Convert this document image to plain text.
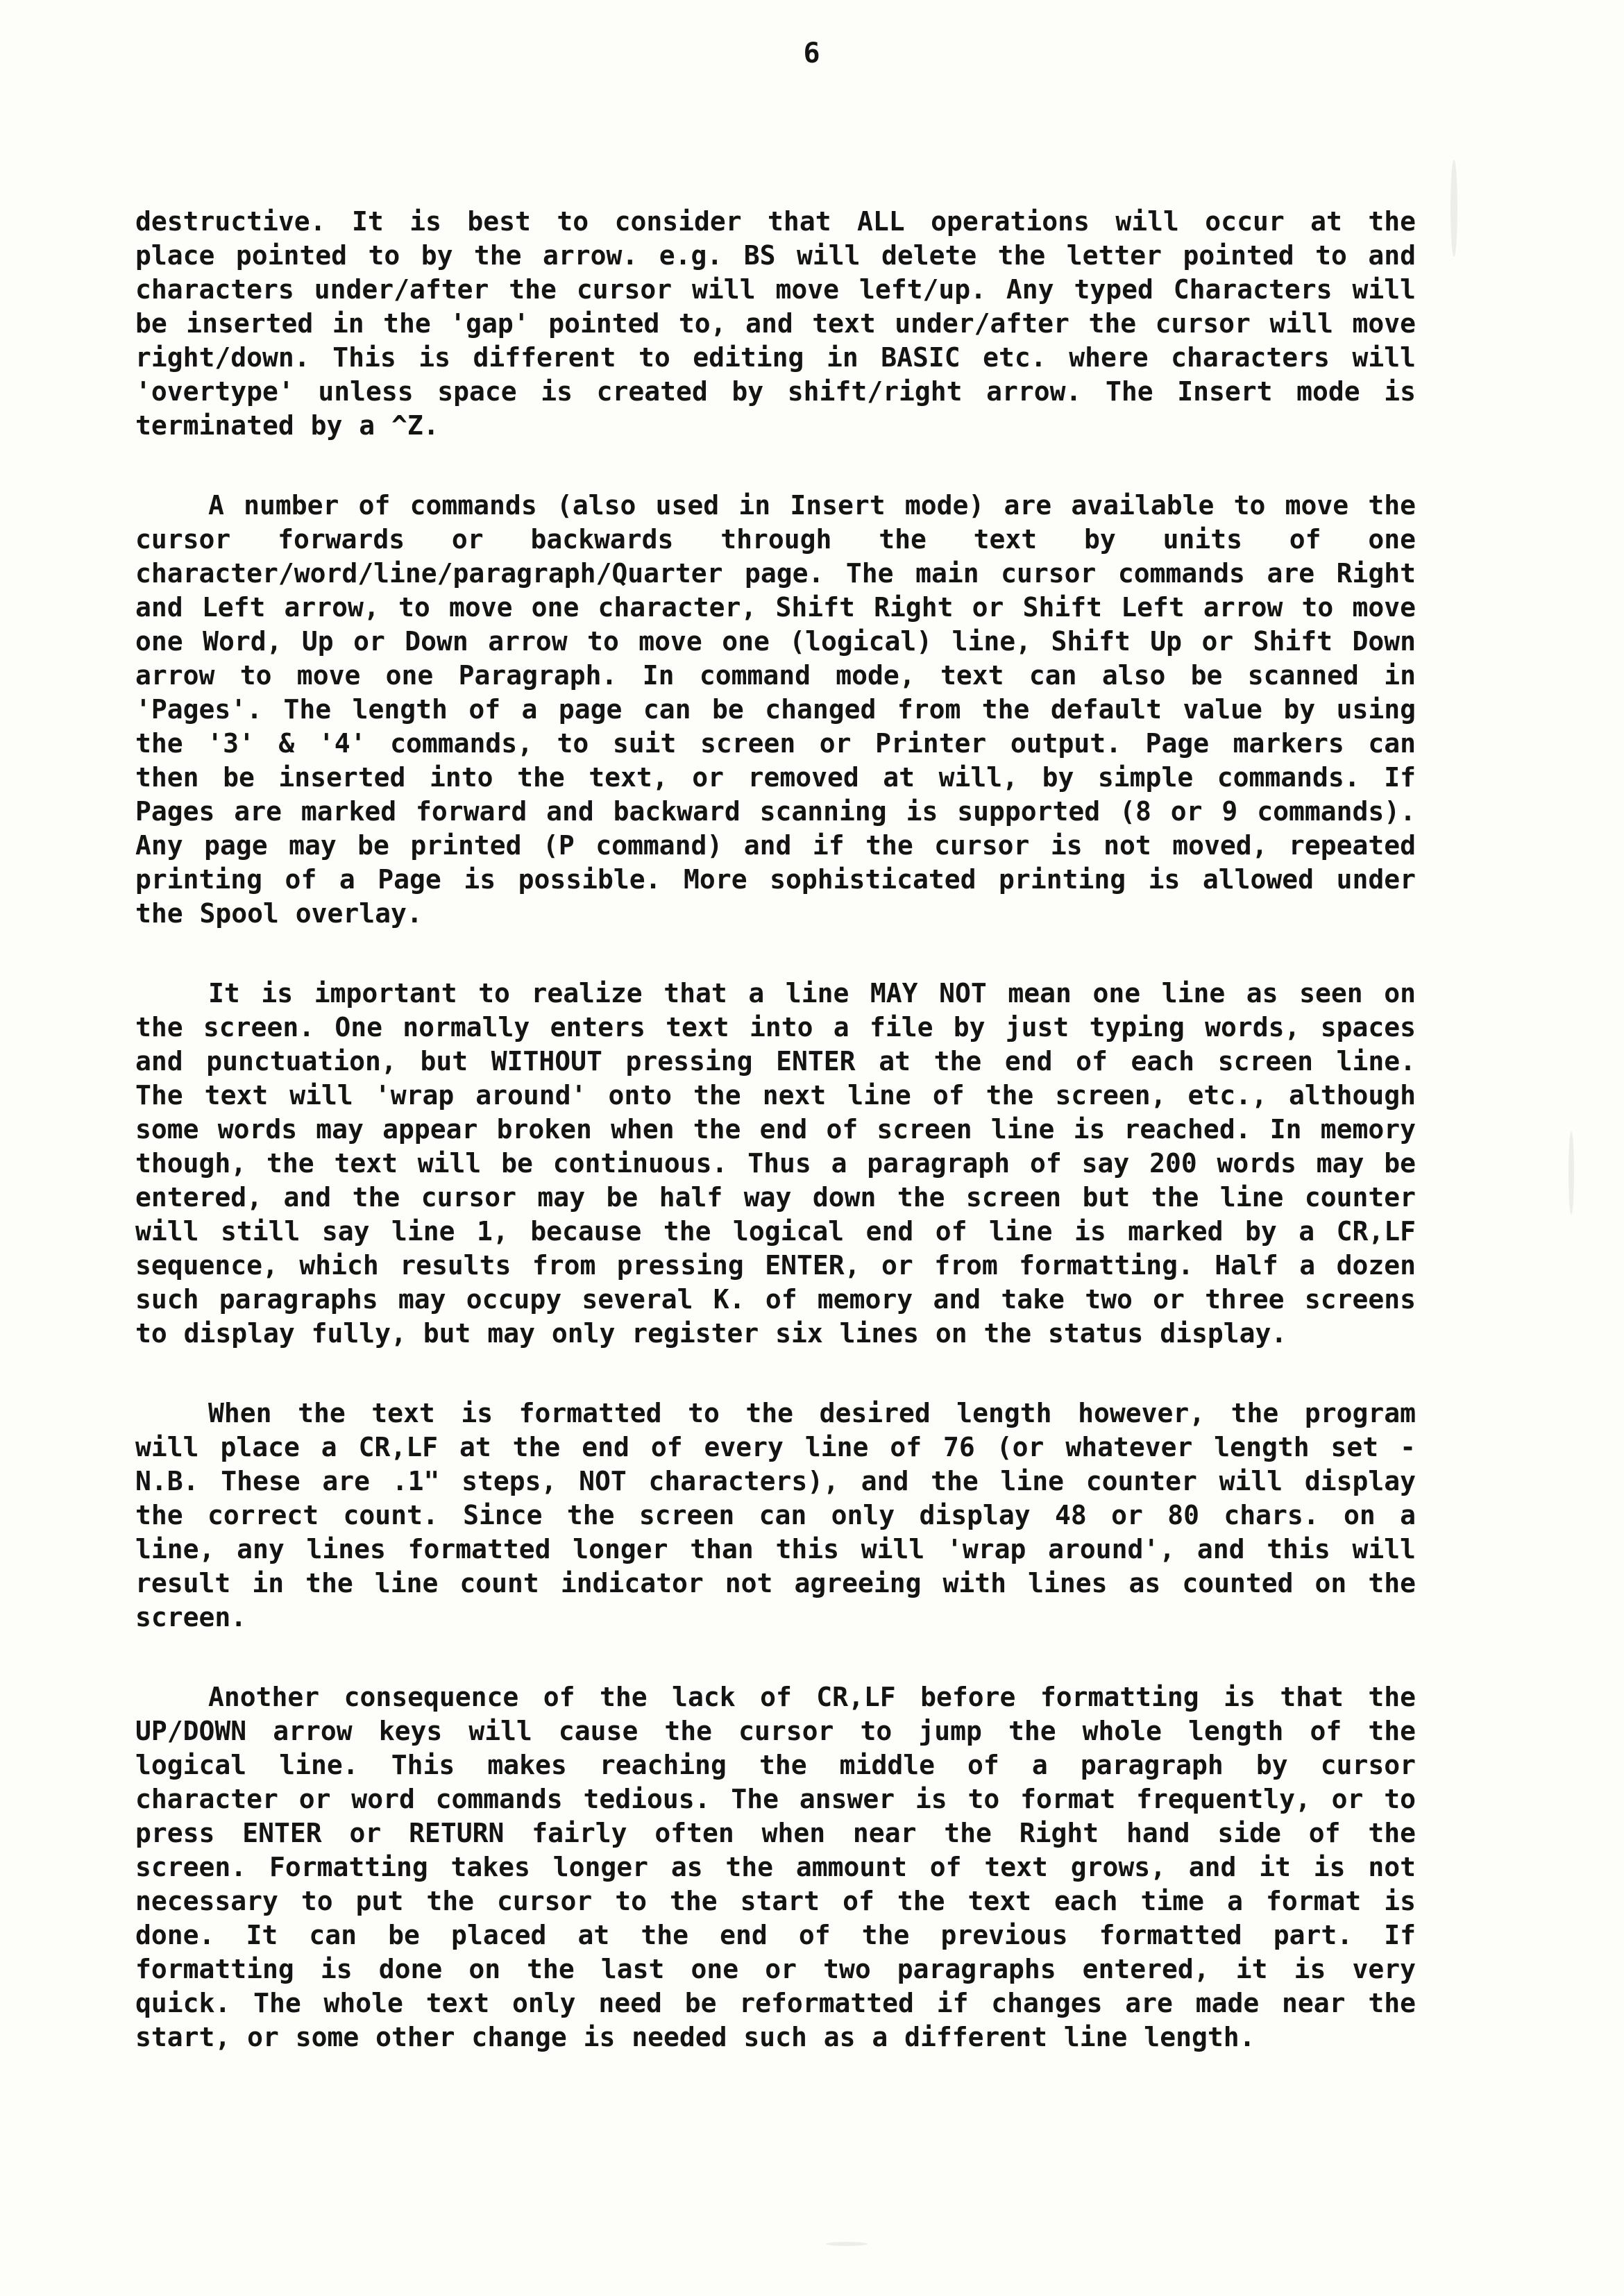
6
destructive. It is best to consider that ALL operations will occur at the
place pointed to by the arrow. e.g. BS will delete the letter pointed to and
characters under/after the cursor will move left/up. Any typed Characters will
be inserted in the 'gap' pointed to, and text under/after the cursor will move
right/down. This is different to editing in BASIC etc. where characters will
'overtype' unless space is created by shift/right arrow. The Insert mode is
terminated by a ^Z.
A number of commands (also used in Insert mode) are available to move the
cursor forwards or backwards through the text by units of one
character/word/line/paragraph/Quarter page. The main cursor commands are Right
and Left arrow, to move one character, Shift Right or Shift Left arrow to move
one Word, Up or Down arrow to move one (logical) line, Shift Up or Shift Down
arrow to move one Paragraph. In command mode, text can also be scanned in
'Pages'. The length of a page can be changed from the default value by using
the '3' & '4' commands, to suit screen or Printer output. Page markers can
then be inserted into the text, or removed at will, by simple commands. If
Pages are marked forward and backward scanning is supported (8 or 9 commands).
Any page may be printed (P command) and if the cursor is not moved, repeated
printing of a Page is possible. More sophisticated printing is allowed under
the Spool overlay.
It is important to realize that a line MAY NOT mean one line as seen on
the screen. One normally enters text into a file by just typing words, spaces
and punctuation, but WITHOUT pressing ENTER at the end of each screen line.
The text will 'wrap around' onto the next line of the screen, etc., although
some words may appear broken when the end of screen line is reached. In memory
though, the text will be continuous. Thus a paragraph of say 200 words may be
entered, and the cursor may be half way down the screen but the line counter
will still say line 1, because the logical end of line is marked by a CR,LF
sequence, which results from pressing ENTER, or from formatting. Half a dozen
such paragraphs may occupy several K. of memory and take two or three screens
to display fully, but may only register six lines on the status display.
When the text is formatted to the desired length however, the program
will place a CR,LF at the end of every line of 76 (or whatever length set -
N.B. These are .1" steps, NOT characters), and the line counter will display
the correct count. Since the screen can only display 48 or 80 chars. on a
line, any lines formatted longer than this will 'wrap around', and this will
result in the line count indicator not agreeing with lines as counted on the
screen.
Another consequence of the lack of CR,LF before formatting is that the
UP/DOWN arrow keys will cause the cursor to jump the whole length of the
logical line. This makes reaching the middle of a paragraph by cursor
character or word commands tedious. The answer is to format frequently, or to
press ENTER or RETURN fairly often when near the Right hand side of the
screen. Formatting takes longer as the ammount of text grows, and it is not
necessary to put the cursor to the start of the text each time a format is
done. It can be placed at the end of the previous formatted part. If
formatting is done on the last one or two paragraphs entered, it is very
quick. The whole text only need be reformatted if changes are made near the
start, or some other change is needed such as a different line length.
